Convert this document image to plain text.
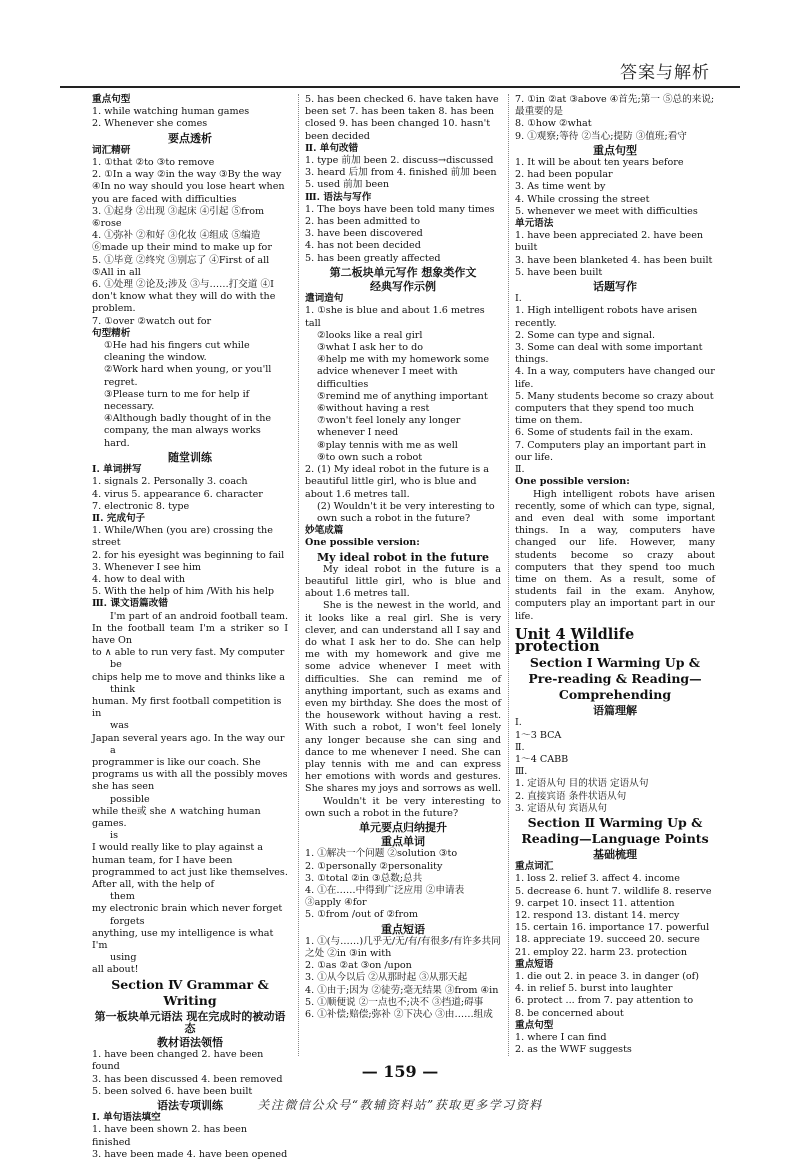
答案与解析
重点句型
1. while watching human games
2. Whenever she comes
要点透析
词汇精研
1. ①that ②to ③to remove
2. ①In a way ②in the way ③By the way ④In no way should you lose heart when you are faced with difficulties
3. ①起身 ②出现 ③起床 ④引起 ⑤from ⑥rose
4. ①弥补 ②和好 ③化妆 ④组成 ⑤编造 ⑥made up their mind to make up for
5. ①毕竟 ②终究 ③别忘了 ④First of all ⑤All in all
6. ①处理 ②论及;涉及 ③与……打交道 ④I don't know what they will do with the problem.
7. ①over ②watch out for
句型精析
①He had his fingers cut while cleaning the window.
②Work hard when young, or you'll regret.
③Please turn to me for help if necessary.
④Although badly thought of in the company, the man always works hard.
随堂训练
Ⅰ. 单词拼写
1. signals 2. Personally 3. coach
4. virus 5. appearance 6. character
7. electronic 8. type
Ⅱ. 完成句子
1. While/When (you are) crossing the street
2. for his eyesight was beginning to fail
3. Whenever I see him
4. how to deal with
5. With the help of him /With his help
Ⅲ. 课文语篇改错
I'm part of an android football team. In the football team I'm a striker so I have On
to ∧ able to run very fast. My computer
be
chips help me to move and thinks like a
think
human. My first football competition is in
was
Japan several years ago. In the way our
a
programmer is like our coach. She programs us with all the possibly moves she has seen
possible
while the或 she ∧ watching human games.
is
I would really like to play against a human team, for I have been programmed to act just like themselves. After all, with the help of
them
my electronic brain which never forget
forgets
anything, use my intelligence is what I'm
using
all about!
Section Ⅳ Grammar & Writing
第一板块单元语法 现在完成时的被动语态
教材语法领悟
1. have been changed 2. have been found
3. has been discussed 4. been removed
5. been solved 6. have been built
语法专项训练
Ⅰ. 单句语法填空
1. have been shown 2. has been finished
3. have been made 4. have been opened
5. has been checked 6. have taken have been set 7. has been taken 8. has been closed 9. has been changed 10. hasn't been decided
Ⅱ. 单句改错
1. type 前加 been 2. discuss→discussed
3. heard 后加 from 4. finished 前加 been
5. used 前加 been
Ⅲ. 语法与写作
1. The boys have been told many times
2. has been admitted to
3. have been discovered
4. has not been decided
5. has been greatly affected
第二板块单元写作 想象类作文
经典写作示例
遣词造句
1. ①she is blue and about 1.6 metres tall
②looks like a real girl
③what I ask her to do
④help me with my homework some advice whenever I meet with difficulties
⑤remind me of anything important
⑥without having a rest
⑦won't feel lonely any longer whenever I need
⑧play tennis with me as well
⑨to own such a robot
2. (1) My ideal robot in the future is a beautiful little girl, who is blue and about 1.6 metres tall.
(2) Wouldn't it be very interesting to own such a robot in the future?
妙笔成篇
One possible version:
My ideal robot in the future
My ideal robot in the future is a beautiful little girl, who is blue and about 1.6 metres tall.
She is the newest in the world, and it looks like a real girl. She is very clever, and can understand all I say and do what I ask her to do. She can help me with my homework and give me some advice whenever I meet with difficulties. She can remind me of anything important, such as exams and even my birthday. She does the most of the housework without having a rest. With such a robot, I won't feel lonely any longer because she can sing and dance to me whenever I need. She can play tennis with me and can express her emotions with words and gestures. She shares my joys and sorrows as well.
Wouldn't it be very interesting to own such a robot in the future?
单元要点归纳提升
重点单词
1. ①解决一个问题 ②solution ③to
2. ①personally ②personality
3. ①total ②in ③总数;总共
4. ①在……中得到广泛应用 ②申请表 ③apply ④for
5. ①from /out of ②from
重点短语
1. ①(与……)几乎无/无/有/有很多/有许多共同之处 ②in ③in with
2. ①as ②at ③on /upon
3. ①从今以后 ②从那时起 ③从那天起
4. ①由于;因为 ②徒劳;毫无结果 ③from ④in
5. ①顺便说 ②一点也不;决不 ③挡道;碍事
6. ①补偿;赔偿;弥补 ②下决心 ③由……组成
7. ①in ②at ③above ④首先;第一 ⑤总的来说;最重要的是
8. ①how ②what
9. ①观察;等待 ②当心;提防 ③值班;看守
重点句型
1. It will be about ten years before
2. had been popular
3. As time went by
4. While crossing the street
5. whenever we meet with difficulties
单元语法
1. have been appreciated 2. have been built
3. have been blanketed 4. has been built
5. have been built
话题写作
Ⅰ.
1. High intelligent robots have arisen recently.
2. Some can type and signal.
3. Some can deal with some important things.
4. In a way, computers have changed our life.
5. Many students become so crazy about computers that they spend too much time on them.
6. Some of students fail in the exam.
7. Computers play an important part in our life.
Ⅱ.
One possible version:
High intelligent robots have arisen recently, some of which can type, signal, and even deal with some important things. In a way, computers have changed our life. However, many students become so crazy about computers that they spend too much time on them. As a result, some of students fail in the exam. Anyhow, computers play an important part in our life.
Unit 4 Wildlife protection
Section Ⅰ Warming Up & Pre-reading & Reading—Comprehending
语篇理解
Ⅰ.
1～3 BCA
Ⅱ.
1～4 CABB
Ⅲ.
1. 定语从句 目的状语 定语从句
2. 直接宾语 条件状语从句
3. 定语从句 宾语从句
Section Ⅱ Warming Up & Reading—Language Points
基础梳理
重点词汇
1. loss 2. relief 3. affect 4. income
5. decrease 6. hunt 7. wildlife 8. reserve
9. carpet 10. insect 11. attention
12. respond 13. distant 14. mercy
15. certain 16. importance 17. powerful
18. appreciate 19. succeed 20. secure
21. employ 22. harm 23. protection
重点短语
1. die out 2. in peace 3. in danger (of)
4. in relief 5. burst into laughter
6. protect ... from 7. pay attention to
8. be concerned about
重点句型
1. where I can find
2. as the WWF suggests
— 159 —
关注微信公众号“教辅资料站”获取更多学习资料
